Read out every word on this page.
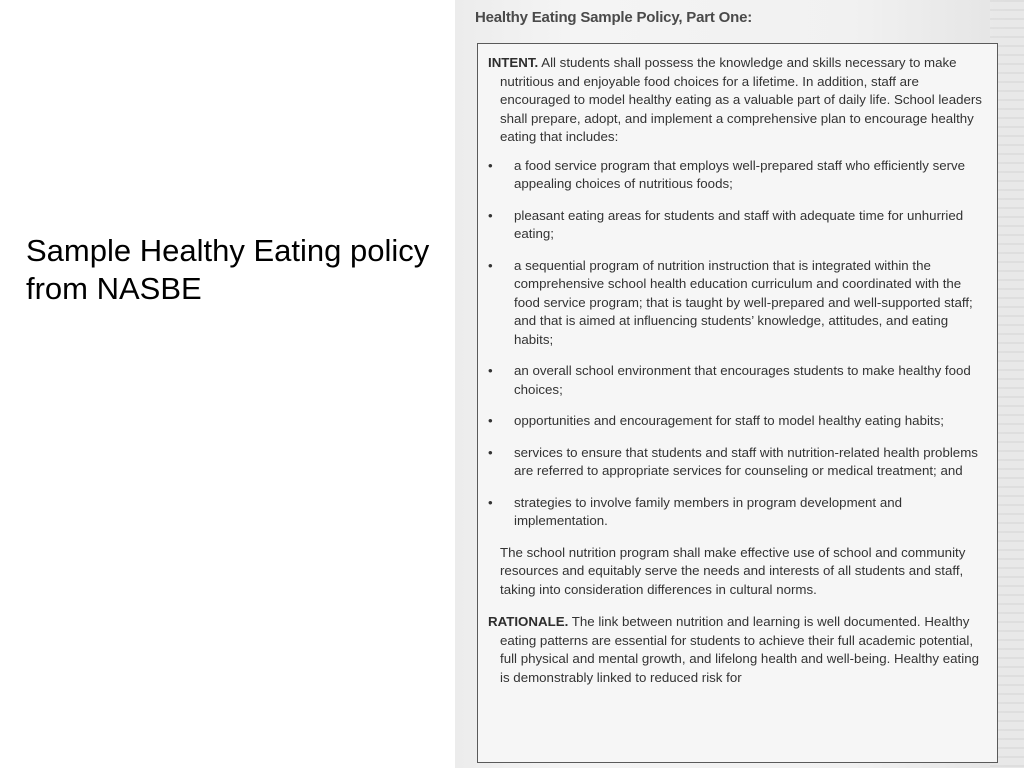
Sample Healthy Eating policy from NASBE
Healthy Eating Sample Policy, Part One:

INTENT. All students shall possess the knowledge and skills necessary to make nutritious and enjoyable food choices for a lifetime. In addition, staff are encouraged to model healthy eating as a valuable part of daily life. School leaders shall prepare, adopt, and implement a comprehensive plan to encourage healthy eating that includes:

• a food service program that employs well-prepared staff who efficiently serve appealing choices of nutritious foods;
• pleasant eating areas for students and staff with adequate time for unhurried eating;
• a sequential program of nutrition instruction that is integrated within the comprehensive school health education curriculum and coordinated with the food service program; that is taught by well-prepared and well-supported staff; and that is aimed at influencing students’ knowledge, attitudes, and eating habits;
• an overall school environment that encourages students to make healthy food choices;
• opportunities and encouragement for staff to model healthy eating habits;
• services to ensure that students and staff with nutrition-related health problems are referred to appropriate services for counseling or medical treatment; and
• strategies to involve family members in program development and implementation.

The school nutrition program shall make effective use of school and community resources and equitably serve the needs and interests of all students and staff, taking into consideration differences in cultural norms.

RATIONALE. The link between nutrition and learning is well documented. Healthy eating patterns are essential for students to achieve their full academic potential, full physical and mental growth, and lifelong health and well-being. Healthy eating is demonstrably linked to reduced risk for
